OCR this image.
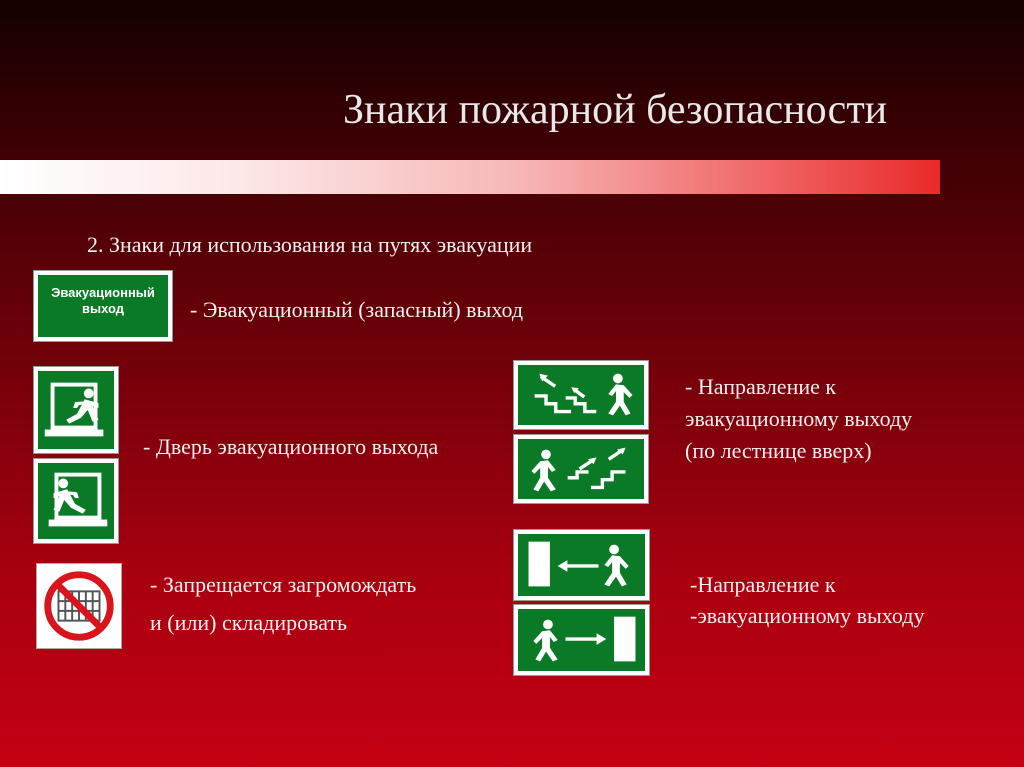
Знаки пожарной безопасности
2. Знаки для использования на путях эвакуации
Эвакуационный
выход	- Эвакуационный (запасный) выход
- Дверь эвакуационного выхода
- Запрещается загромождать
и (или) складировать
- Направление к
эвакуационному выходу
(по лестнице вверх)
-Направление к
-эвакуационному выходу
